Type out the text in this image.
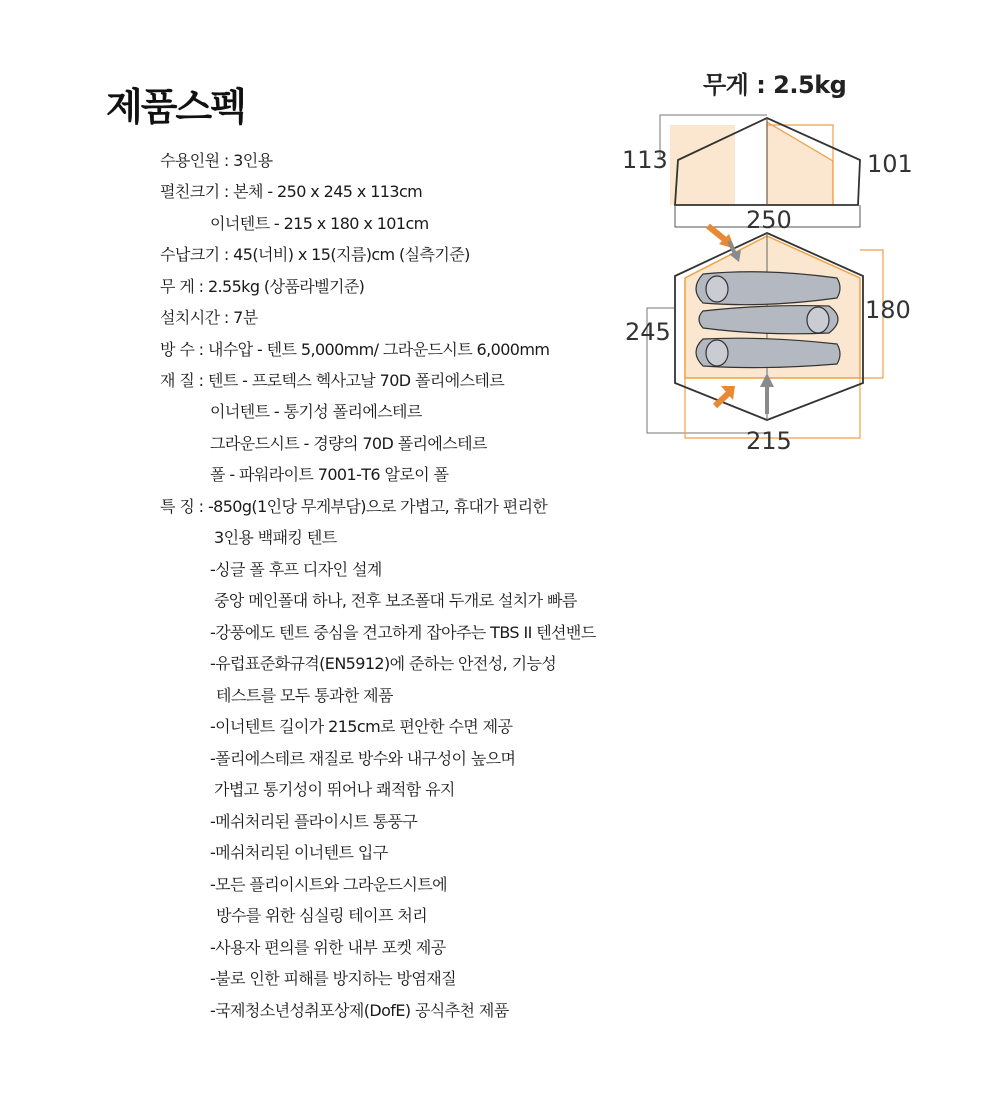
제품스펙	무게 : 2.5kg
수용인원 : 3인용
펼친크기 : 본체 - 250 x 245 x 113cm
이너텐트 - 215 x 180 x 101cm
수납크기 : 45(너비) x 15(지름)cm (실측기준)
무 게 : 2.55kg (상품라벨기준)
설치시간 : 7분
방 수 : 내수압 - 텐트 5,000mm/ 그라운드시트 6,000mm
재 질 : 텐트 - 프로텍스 헥사고날 70D 폴리에스테르
이너텐트 - 통기성 폴리에스테르
그라운드시트 - 경량의 70D 폴리에스테르
폴 - 파워라이트 7001-T6 알로이 폴
특 징 : -850g(1인당 무게부담)으로 가볍고, 휴대가 편리한
3인용 백패킹 텐트
-싱글 폴 후프 디자인 설계
중앙 메인폴대 하나, 전후 보조폴대 두개로 설치가 빠름
-강풍에도 텐트 중심을 견고하게 잡아주는 TBS II 텐션밴드
-유럽표준화규격(EN5912)에 준하는 안전성, 기능성
테스트를 모두 통과한 제품
-이너텐트 길이가 215cm로 편안한 수면 제공
-폴리에스테르 재질로 방수와 내구성이 높으며
가볍고 통기성이 뛰어나 쾌적함 유지
-메쉬처리된 플라이시트 통풍구
-메쉬처리된 이너텐트 입구
-모든 플리이시트와 그라운드시트에
방수를 위한 심실링 테이프 처리
-사용자 편의를 위한 내부 포켓 제공
-불로 인한 피해를 방지하는 방염재질
-국제청소년성취포상제(DofE) 공식추천 제품
113	101
250
245
180
215
